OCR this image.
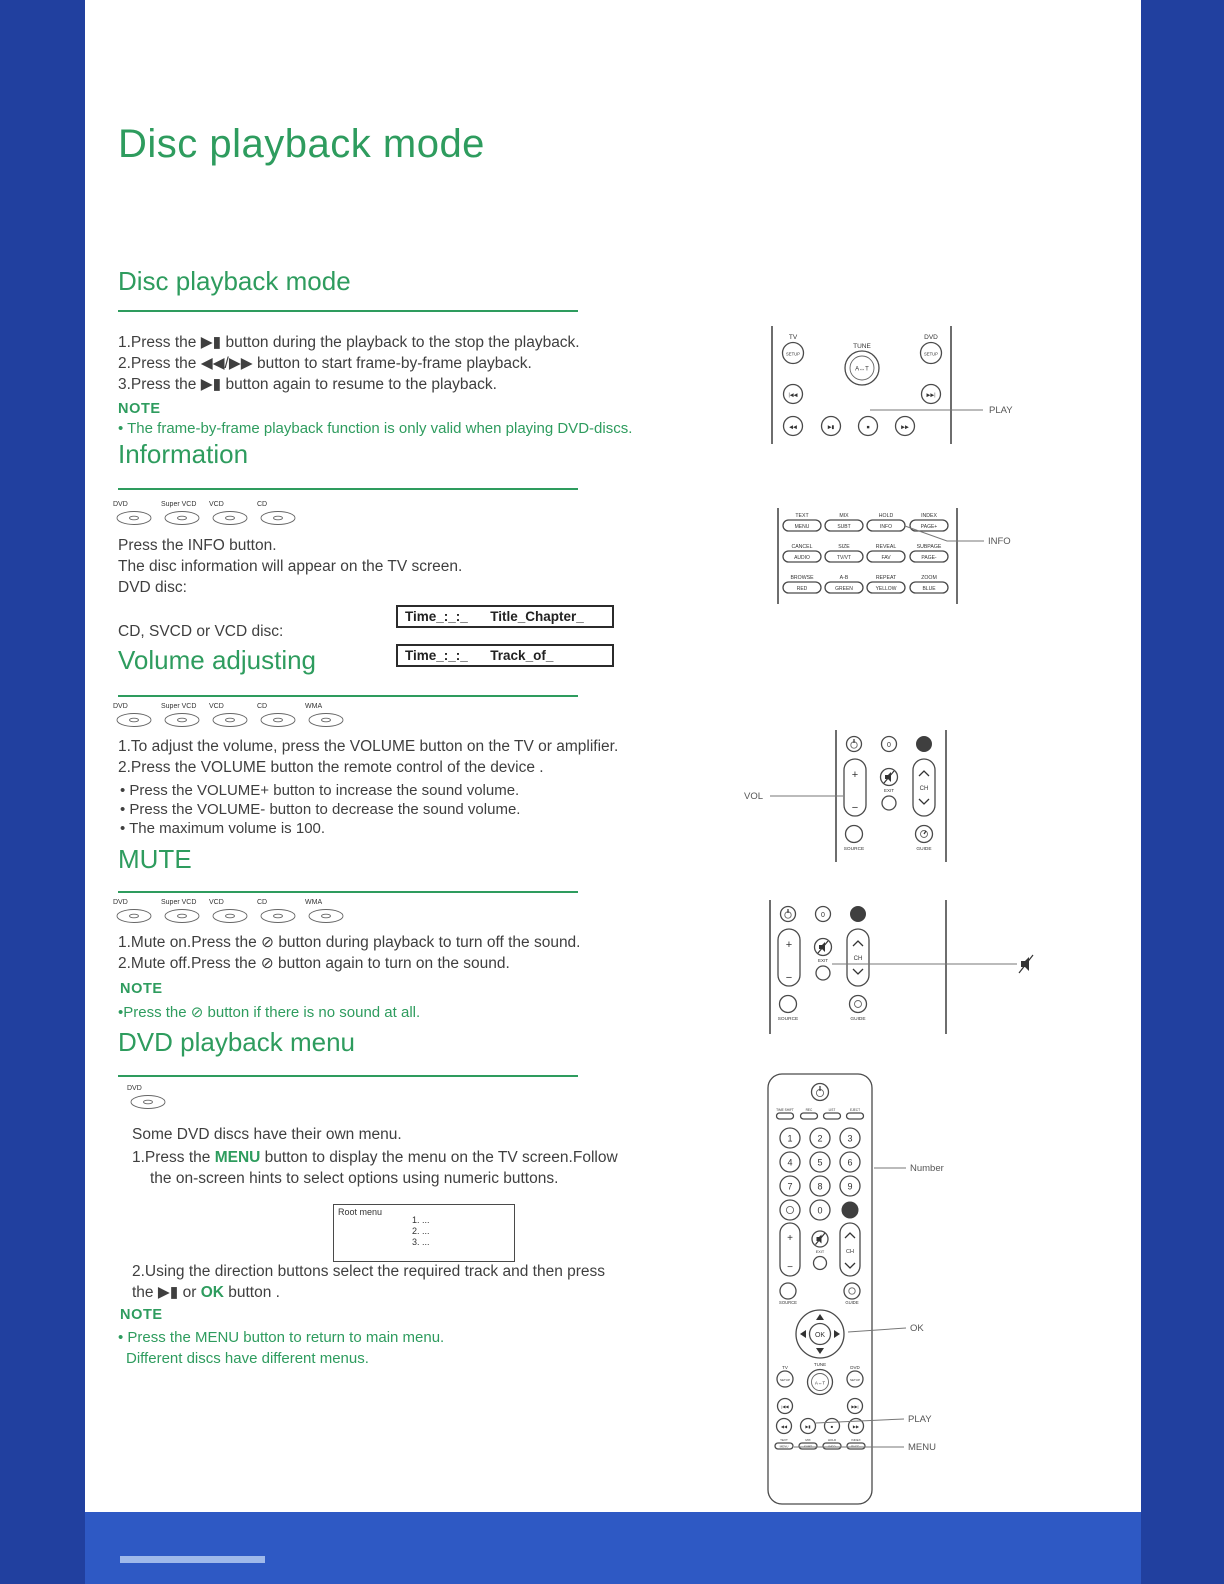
Disc playback mode
Disc playback mode
1.Press the ▶▮ button during the playback to the stop the playback.
2.Press the ◀◀/▶▶ button to start frame-by-frame playback.
3.Press the ▶▮ button again to resume to the playback.
NOTE
• The frame-by-frame playback function is only valid when playing DVD-discs.
Information
DVD	Super VCD VCD	CD
Press the INFO button.
The disc information will appear on the TV screen.
DVD disc:
Time_:_:_      Title_Chapter_
CD, SVCD or VCD disc:
Time_:_:_      Track_of_
Volume adjusting
DVD	Super VCD VCD	CD	WMA
1.To adjust the volume, press the VOLUME button on the TV or amplifier.
2.Press the VOLUME button the remote control of the device .
• Press the VOLUME+ button to increase the sound volume.
• Press the VOLUME- button to decrease the sound volume.
• The maximum volume is 100.
MUTE
DVD	Super VCD VCD	CD	WMA
1.Mute on.Press the ⊘ button during playback to turn off the sound.
2.Mute off.Press the ⊘ button again to turn on the sound.
NOTE
•Press the ⊘ button if there is no sound at all.
DVD playback menu
DVD
Some DVD discs have their own menu.
1.Press the MENU button to display the menu on the TV screen.Follow
the on-screen hints to select options using numeric buttons.
Root menu
1. ...
2. ...
3. ...
2.Using the direction buttons select the required track and then press
the ▶▮ or OK button .
NOTE
• Press the MENU button to return to main menu.
Different discs have different menus.
TV
SETUP
DVD
SETUP
TUNE
A↔T
|◀◀	▶▶|
◀◀	▶▮	■	▶▶
PLAY
TEXT	MIX	HOLD	INDEX
MENU	SUBT	INFO	PAGE+
CANCEL	SIZE	REVEAL	SUBPAGE
AUDIO	TV/VT	FAV	PAGE-
BROWSE	A-B	REPEAT	ZOOM
RED	GREEN	YELLOW	BLUE
INFO
0
+
−
EXIT	CH
SOURCE	GUIDE
VOL
0
+
−
EXIT	CH
SOURCE	GUIDE
TIME SHIFT	REC	LIST	EJECT
1	2	3
4	5	6
7	8	9
0
+
−
EXIT	CH
SOURCE	GUIDE
OK
TV
SETUP
DVD
SETUP
TUNE
A↔T
|◀◀	▶▶|
◀◀	▶▮	■	▶▶
TEXT	MIX	HOLD	INDEX
MENU	SUBT	INFO	PAGE+
Number
OK
PLAY
MENU
